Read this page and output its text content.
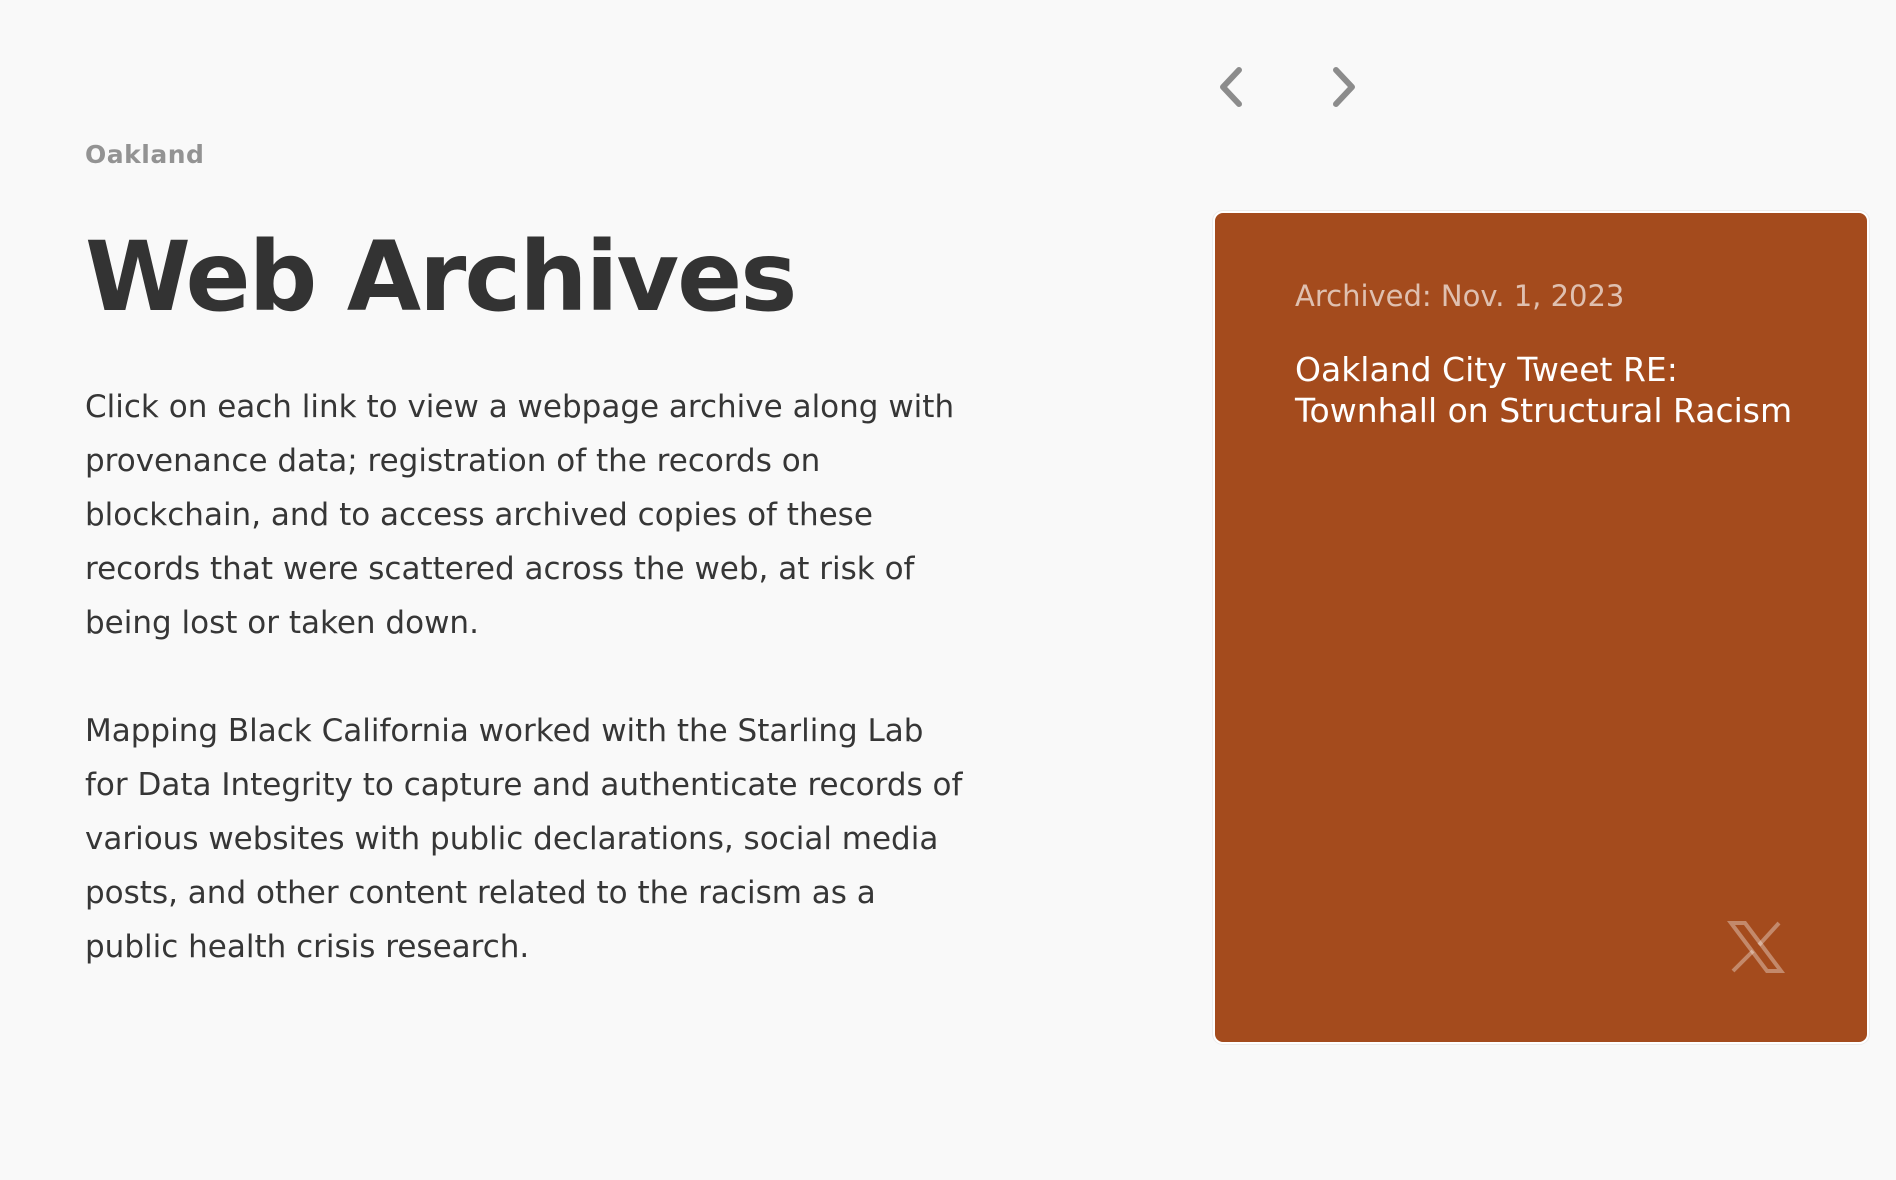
Oakland
Web Archives

Click on each link to view a webpage archive along with provenance data; registration of the records on blockchain, and to access archived copies of these records that were scattered across the web, at risk of being lost or taken down.

Mapping Black California worked with the Starling Lab for Data Integrity to capture and authenticate records of various websites with public declarations, social media posts, and other content related to the racism as a public health crisis research.

Archived: Nov. 1, 2023
Oakland City Tweet RE: Townhall on Structural Racism
